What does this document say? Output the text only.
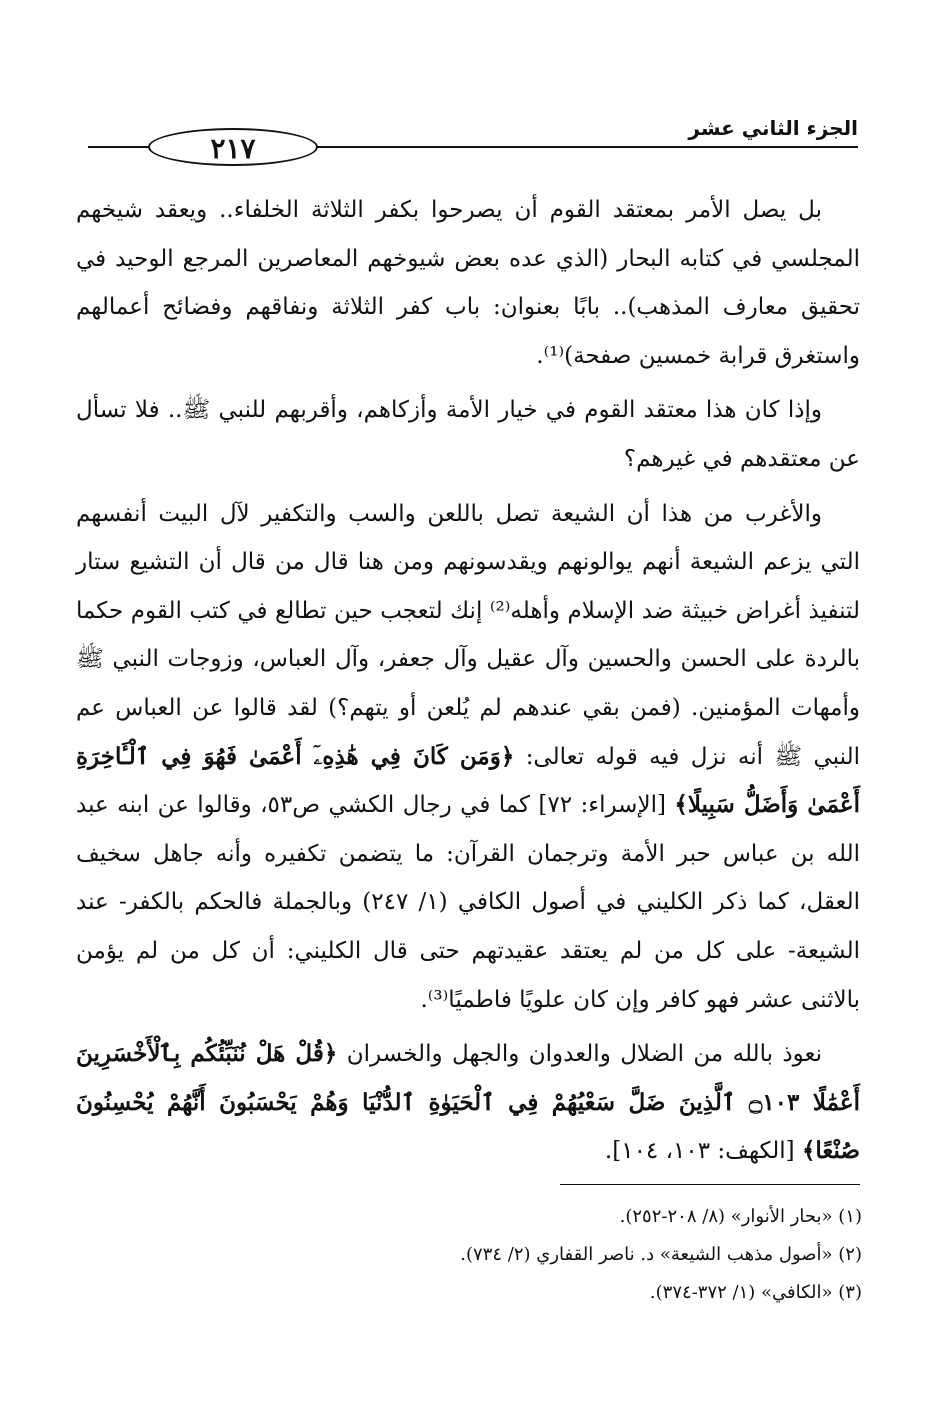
الجزء الثاني عشر
٢١٧

بل يصل الأمر بمعتقد القوم أن يصرحوا بكفر الثلاثة الخلفاء.. ويعقد شيخهم المجلسي في كتابه البحار (الذي عده بعض شيوخهم المعاصرين المرجع الوحيد في تحقيق معارف المذهب).. بابًا بعنوان: باب كفر الثلاثة ونفاقهم وفضائح أعمالهم واستغرق قرابة خمسين صفحة)⁽¹⁾.

وإذا كان هذا معتقد القوم في خيار الأمة وأزكاهم، وأقربهم للنبي ﷺ.. فلا تسأل عن معتقدهم في غيرهم؟

والأغرب من هذا أن الشيعة تصل باللعن والسب والتكفير لآل البيت أنفسهم التي يزعم الشيعة أنهم يوالونهم ويقدسونهم ومن هنا قال من قال أن التشيع ستار لتنفيذ أغراض خبيثة ضد الإسلام وأهله⁽²⁾ إنك لتعجب حين تطالع في كتب القوم حكما بالردة على الحسن والحسين وآل عقيل وآل جعفر، وآل العباس، وزوجات النبي ﷺ وأمهات المؤمنين. (فمن بقي عندهم لم يُلعن أو يتهم؟) لقد قالوا عن العباس عم النبي ﷺ أنه نزل فيه قوله تعالى: ﴿وَمَن كَانَ فِي هَٰذِهِۦٓ أَعْمَىٰ فَهُوَ فِي ٱلْـَٔاخِرَةِ أَعْمَىٰ وَأَضَلُّ سَبِيلًا﴾ [الإسراء: ٧٢] كما في رجال الكشي ص٥٣، وقالوا عن ابنه عبد الله بن عباس حبر الأمة وترجمان القرآن: ما يتضمن تكفيره وأنه جاهل سخيف العقل، كما ذكر الكليني في أصول الكافي (١/ ٢٤٧) وبالجملة فالحكم بالكفر- عند الشيعة- على كل من لم يعتقد عقيدتهم حتى قال الكليني: أن كل من لم يؤمن بالاثنى عشر فهو كافر وإن كان علويًا فاطميًا⁽³⁾.

نعوذ بالله من الضلال والعدوان والجهل والخسران ﴿قُلْ هَلْ نُنَبِّئُكُم بِٱلْأَخْسَرِينَ أَعْمَٰلًا ۝١٠٣ ٱلَّذِينَ ضَلَّ سَعْيُهُمْ فِي ٱلْحَيَوٰةِ ٱلدُّنْيَا وَهُمْ يَحْسَبُونَ أَنَّهُمْ يُحْسِنُونَ صُنْعًا﴾ [الكهف: ١٠٣، ١٠٤].

(١) «بحار الأنوار» (٨/ ٢٠٨-٢٥٢).
(٢) «أصول مذهب الشيعة» د. ناصر القفاري (٢/ ٧٣٤).
(٣) «الكافي» (١/ ٣٧٢-٣٧٤).
